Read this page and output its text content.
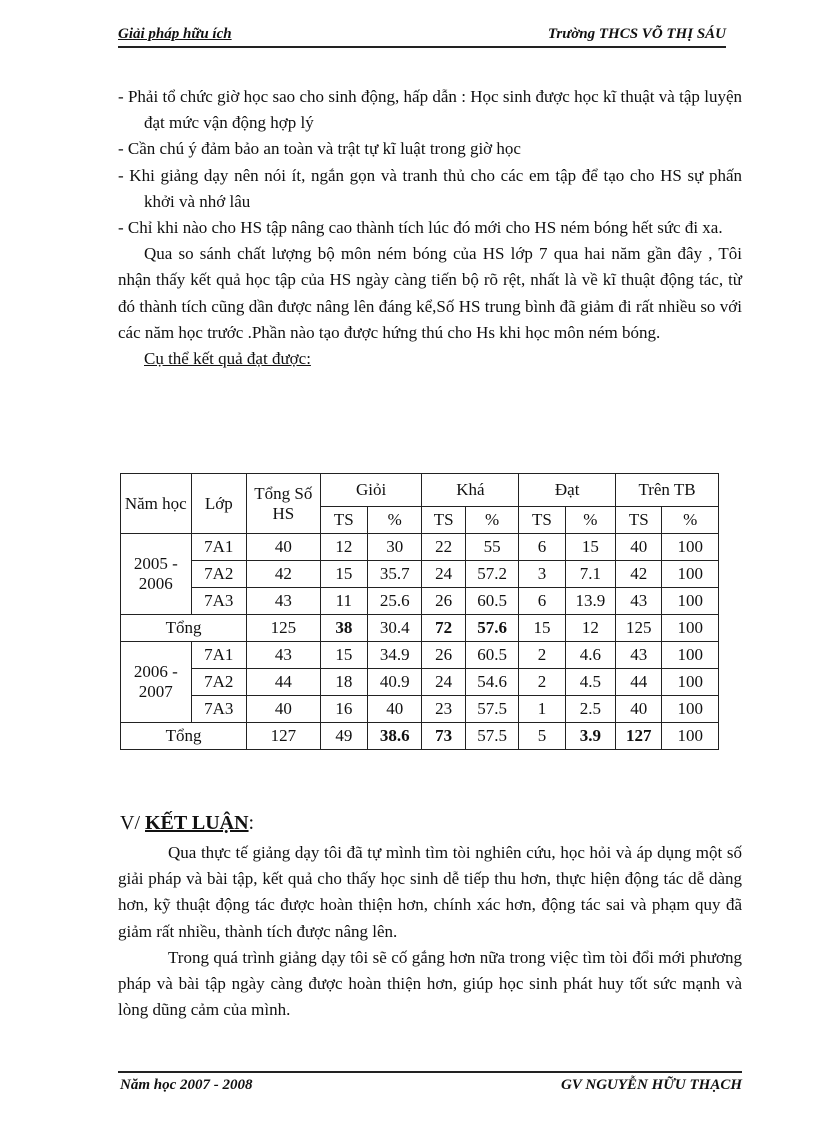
Giải pháp hữu ích	Trường THCS VÕ THỊ SÁU

- Phải tổ chức giờ học sao cho sinh động, hấp dẫn : Học sinh được học kĩ thuật và tập luyện đạt mức vận động hợp lý

- Cần chú ý đảm bảo an toàn và trật tự kĩ luật trong giờ học

- Khi giảng dạy nên nói ít, ngắn gọn và tranh thủ cho các em tập để tạo cho HS sự phấn khởi và nhớ lâu

- Chỉ khi nào cho HS tập nâng cao thành tích lúc đó mới cho HS ném bóng hết sức đi xa.

Qua so sánh chất lượng bộ môn ném bóng của HS lớp 7 qua hai năm gần đây , Tôi nhận thấy kết quả học tập của HS ngày càng tiến bộ rõ rệt, nhất là về kĩ thuật động tác, từ đó thành tích cũng dần được nâng lên đáng kể,Số HS trung bình đã giảm đi rất nhiều so với các năm học trước .Phần nào tạo được hứng thú cho Hs khi học môn ném bóng.

Cụ thể kết quả đạt được:

Năm học	Lớp	Tổng Số HS	Giỏi		Khá		Đạt		Trên TB	
			TS	%	TS	%	TS	%	TS	%
2005 - 2006	7A1	40	12	30	22	55	6	15	40	100
	7A2	42	15	35.7	24	57.2	3	7.1	42	100
	7A3	43	11	25.6	26	60.5	6	13.9	43	100
Tổng		125	38	30.4	72	57.6	15	12	125	100
2006 - 2007	7A1	43	15	34.9	26	60.5	2	4.6	43	100
	7A2	44	18	40.9	24	54.6	2	4.5	44	100
	7A3	40	16	40	23	57.5	1	2.5	40	100
Tổng		127	49	38.6	73	57.5	5	3.9	127	100
V/ KẾT LUẬN:

Qua thực tế giảng dạy tôi đã tự mình tìm tòi nghiên cứu, học hỏi và áp dụng một số giải pháp và bài tập, kết quả cho thấy học sinh dễ tiếp thu hơn, thực hiện động tác dễ dàng hơn, kỹ thuật động tác được hoàn thiện hơn, chính xác hơn, động tác sai và phạm quy đã giảm rất nhiều, thành tích được nâng lên.

Trong quá trình giảng dạy tôi sẽ cố gắng hơn nữa trong việc tìm tòi đổi mới phương pháp và bài tập ngày càng được hoàn thiện hơn, giúp học sinh phát huy tốt sức mạnh và lòng dũng cảm của mình.

Năm học 2007 - 2008	GV NGUYỄN HỮU THẠCH
